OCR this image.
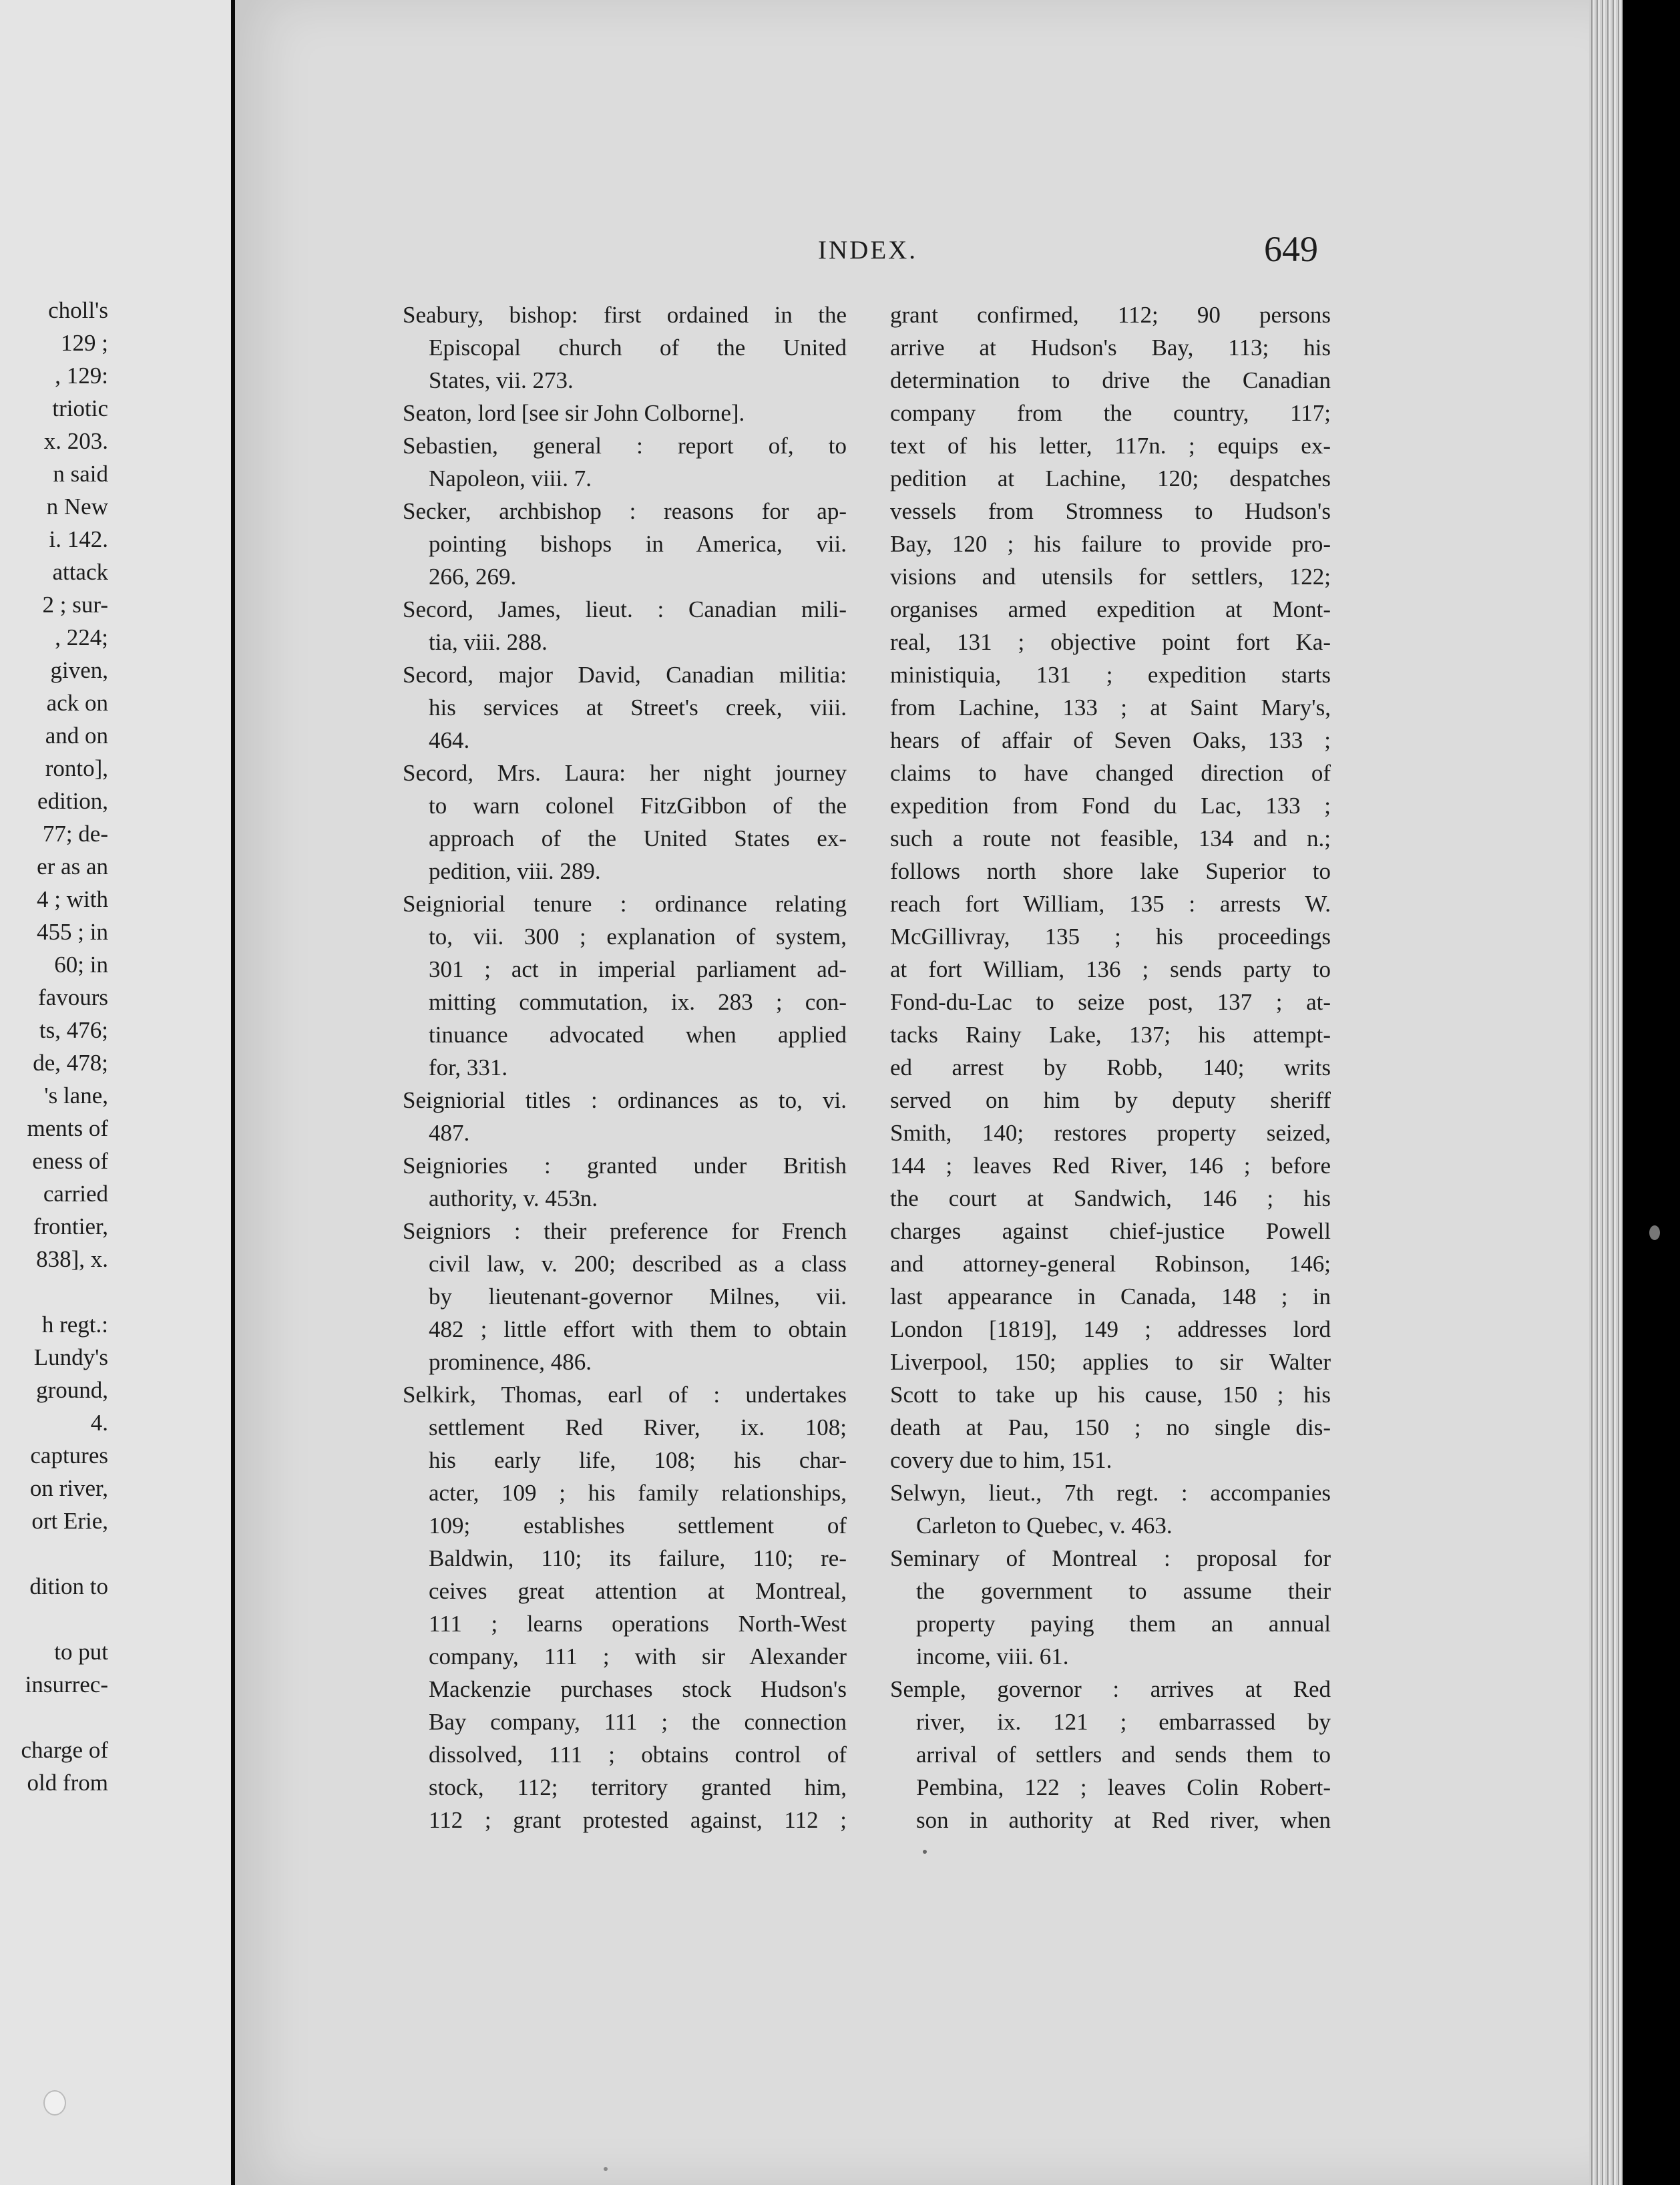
choll's
129 ;
, 129:
triotic
x. 203.
n said
n New
i. 142.
attack
2 ; sur-
, 224;
given,
ack on
and on
ronto],
edition,
77; de-
er as an
4 ; with
455 ; in
60; in
favours
ts, 476;
de, 478;
's lane,
ments of
eness of
carried
frontier,
838], x.
h regt.:
Lundy's
ground,
4.
captures
on river,
ort Erie,
dition to
to put
insurrec-
charge of
old from
INDEX.	649
Seabury, bishop: first ordained in the
Episcopal church of the United
States, vii. 273.
Seaton, lord [see sir John Colborne].
Sebastien, general : report of, to
Napoleon, viii. 7.
Secker, archbishop : reasons for ap-
pointing bishops in America, vii.
266, 269.
Secord, James, lieut. : Canadian mili-
tia, viii. 288.
Secord, major David, Canadian militia:
his services at Street's creek, viii.
464.
Secord, Mrs. Laura: her night journey
to warn colonel FitzGibbon of the
approach of the United States ex-
pedition, viii. 289.
Seigniorial tenure : ordinance relating
to, vii. 300 ; explanation of system,
301 ; act in imperial parliament ad-
mitting commutation, ix. 283 ; con-
tinuance advocated when applied
for, 331.
Seigniorial titles : ordinances as to, vi.
487.
Seigniories : granted under British
authority, v. 453n.
Seigniors : their preference for French
civil law, v. 200; described as a class
by lieutenant-governor Milnes, vii.
482 ; little effort with them to obtain
prominence, 486.
Selkirk, Thomas, earl of : undertakes
settlement Red River, ix. 108;
his early life, 108; his char-
acter, 109 ; his family relationships,
109; establishes settlement of
Baldwin, 110; its failure, 110; re-
ceives great attention at Montreal,
111 ; learns operations North-West
company, 111 ; with sir Alexander
Mackenzie purchases stock Hudson's
Bay company, 111 ; the connection
dissolved, 111 ; obtains control of
stock, 112; territory granted him,
112 ; grant protested against, 112 ;
grant confirmed, 112; 90 persons
arrive at Hudson's Bay, 113; his
determination to drive the Canadian
company from the country, 117;
text of his letter, 117n. ; equips ex-
pedition at Lachine, 120; despatches
vessels from Stromness to Hudson's
Bay, 120 ; his failure to provide pro-
visions and utensils for settlers, 122;
organises armed expedition at Mont-
real, 131 ; objective point fort Ka-
ministiquia, 131 ; expedition starts
from Lachine, 133 ; at Saint Mary's,
hears of affair of Seven Oaks, 133 ;
claims to have changed direction of
expedition from Fond du Lac, 133 ;
such a route not feasible, 134 and n.;
follows north shore lake Superior to
reach fort William, 135 : arrests W.
McGillivray, 135 ; his proceedings
at fort William, 136 ; sends party to
Fond-du-Lac to seize post, 137 ; at-
tacks Rainy Lake, 137; his attempt-
ed arrest by Robb, 140; writs
served on him by deputy sheriff
Smith, 140; restores property seized,
144 ; leaves Red River, 146 ; before
the court at Sandwich, 146 ; his
charges against chief-justice Powell
and attorney-general Robinson, 146;
last appearance in Canada, 148 ; in
London [1819], 149 ; addresses lord
Liverpool, 150; applies to sir Walter
Scott to take up his cause, 150 ; his
death at Pau, 150 ; no single dis-
covery due to him, 151.
Selwyn, lieut., 7th regt. : accompanies
Carleton to Quebec, v. 463.
Seminary of Montreal : proposal for
the government to assume their
property paying them an annual
income, viii. 61.
Semple, governor : arrives at Red
river, ix. 121 ; embarrassed by
arrival of settlers and sends them to
Pembina, 122 ; leaves Colin Robert-
son in authority at Red river, when
